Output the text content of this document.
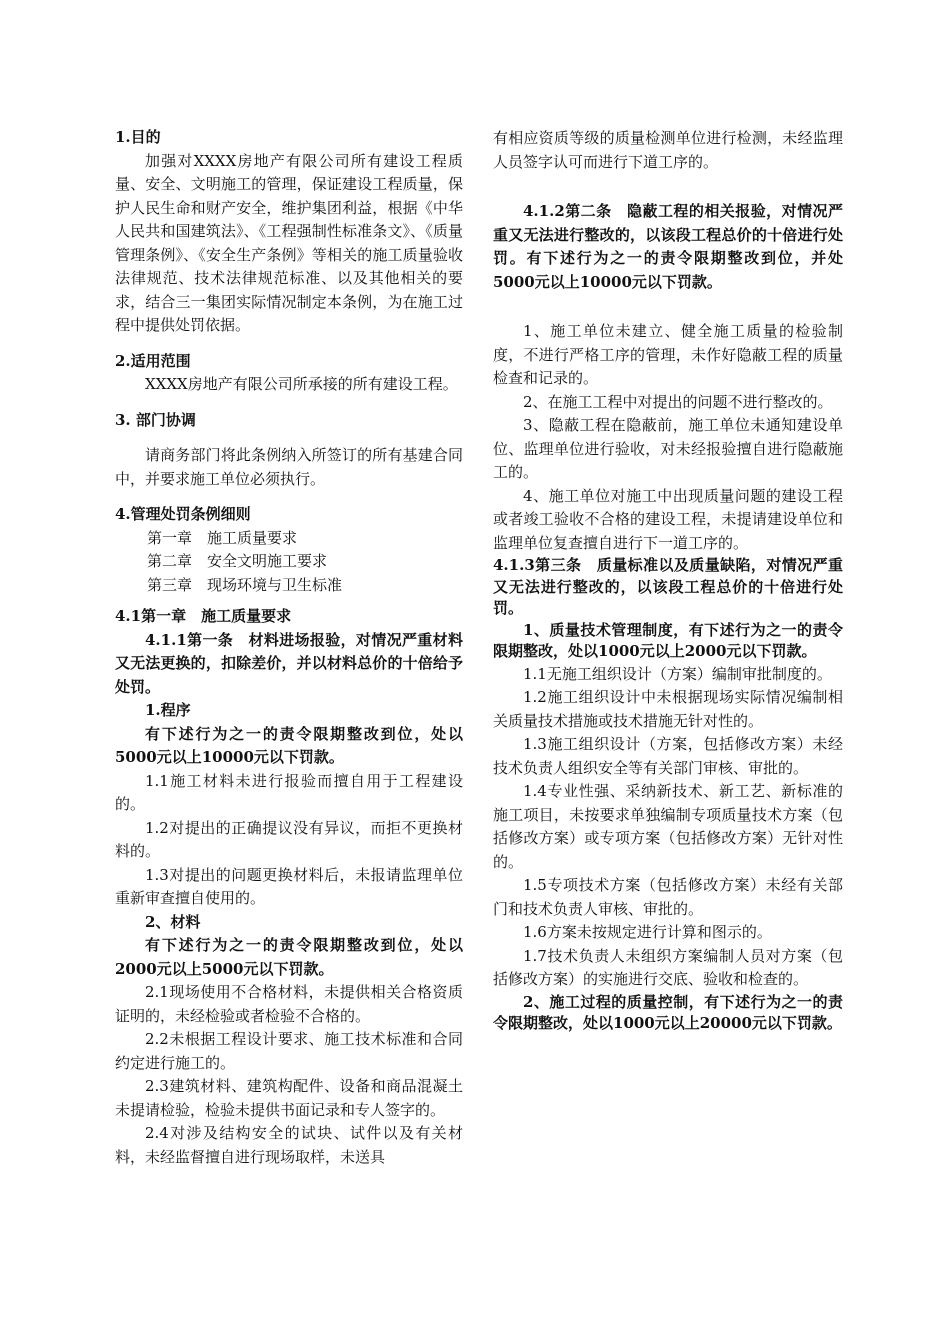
1.目的

加强对XXXX房地产有限公司所有建设工程质量、安全、文明施工的管理，保证建设工程质量，保护人民生命和财产安全，维护集团利益，根据《中华人民共和国建筑法》、《工程强制性标准条文》、《质量管理条例》、《安全生产条例》等相关的施工质量验收法律规范、技术法律规范标准、以及其他相关的要求，结合三一集团实际情况制定本条例，为在施工过程中提供处罚依据。

2.适用范围

XXXX房地产有限公司所承接的所有建设工程。

3. 部门协调

请商务部门将此条例纳入所签订的所有基建合同中，并要求施工单位必须执行。

4.管理处罚条例细则

第一章　施工质量要求

第二章　安全文明施工要求

第三章　现场环境与卫生标准

4.1第一章　施工质量要求

4.1.1第一条　材料进场报验，对情况严重材料又无法更换的，扣除差价，并以材料总价的十倍给予处罚。

1.程序

有下述行为之一的责令限期整改到位，处以5000元以上10000元以下罚款。

1.1施工材料未进行报验而擅自用于工程建设的。

1.2对提出的正确提议没有异议，而拒不更换材料的。

1.3对提出的问题更换材料后，未报请监理单位重新审查擅自使用的。

2、材料

有下述行为之一的责令限期整改到位，处以2000元以上5000元以下罚款。

2.1现场使用不合格材料，未提供相关合格资质证明的，未经检验或者检验不合格的。

2.2未根据工程设计要求、施工技术标准和合同约定进行施工的。

2.3建筑材料、建筑构配件、设备和商品混凝土未提请检验，检验未提供书面记录和专人签字的。

2.4对涉及结构安全的试块、试件以及有关材料，未经监督擅自进行现场取样，未送具

有相应资质等级的质量检测单位进行检测，未经监理人员签字认可而进行下道工序的。

4.1.2第二条　隐蔽工程的相关报验，对情况严重又无法进行整改的，以该段工程总价的十倍进行处罚。有下述行为之一的责令限期整改到位，并处5000元以上10000元以下罚款。

1、施工单位未建立、健全施工质量的检验制度，不进行严格工序的管理，未作好隐蔽工程的质量检查和记录的。

2、在施工工程中对提出的问题不进行整改的。

3、隐蔽工程在隐蔽前，施工单位未通知建设单位、监理单位进行验收，对未经报验擅自进行隐蔽施工的。

4、施工单位对施工中出现质量问题的建设工程或者竣工验收不合格的建设工程，未提请建设单位和监理单位复查擅自进行下一道工序的。

4.1.3第三条　质量标准以及质量缺陷，对情况严重又无法进行整改的，以该段工程总价的十倍进行处罚。

1、质量技术管理制度，有下述行为之一的责令限期整改，处以1000元以上2000元以下罚款。

1.1无施工组织设计（方案）编制审批制度的。

1.2施工组织设计中未根据现场实际情况编制相关质量技术措施或技术措施无针对性的。

1.3施工组织设计（方案，包括修改方案）未经技术负责人组织安全等有关部门审核、审批的。

1.4专业性强、采纳新技术、新工艺、新标准的施工项目，未按要求单独编制专项质量技术方案（包括修改方案）或专项方案（包括修改方案）无针对性的。

1.5专项技术方案（包括修改方案）未经有关部门和技术负责人审核、审批的。

1.6方案未按规定进行计算和图示的。

1.7技术负责人未组织方案编制人员对方案（包括修改方案）的实施进行交底、验收和检查的。

2、施工过程的质量控制，有下述行为之一的责令限期整改，处以1000元以上20000元以下罚款。
